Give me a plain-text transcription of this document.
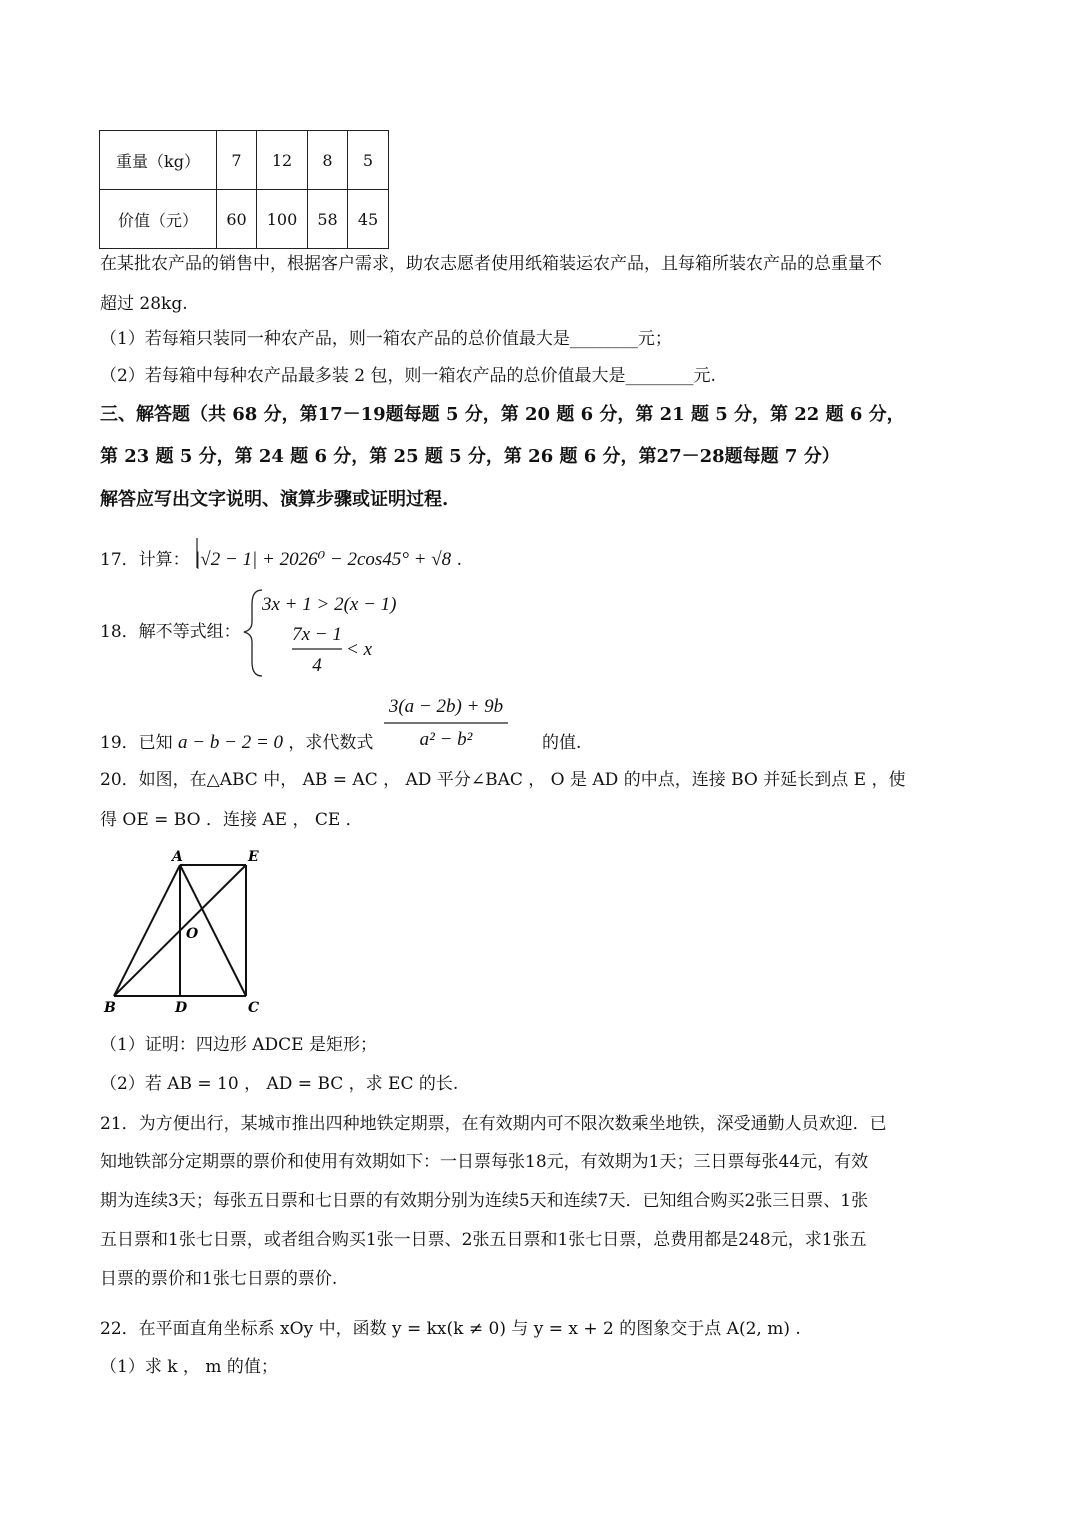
重量（kg）	7	12	8	5
价值（元）	60	100	58	45
在某批农产品的销售中，根据客户需求，助农志愿者使用纸箱装运农产品，且每箱所装农产品的总重量不
超过 28kg.
（1）若每箱只装同一种农产品，则一箱农产品的总价值最大是________元；
（2）若每箱中每种农产品最多装 2 包，则一箱农产品的总价值最大是________元.
三、解答题（共 68 分，第17－19题每题 5 分，第 20 题 6 分，第 21 题 5 分，第 22 题 6 分，
第 23 题 5 分，第 24 题 6 分，第 25 题 5 分，第 26 题 6 分，第27－28题每题 7 分）
解答应写出文字说明、演算步骤或证明过程.
17．计算： |√2 − 1| + 2026⁰ − 2cos45° + √8 .
18．解不等式组：
3x + 1 > 2(x − 1)
7x − 1
4
< x
19．已知 a − b − 2 = 0 ，求代数式
3(a − 2b) + 9b
a² − b²	的值.
20．如图，在△ABC 中， AB = AC ， AD 平分∠BAC ， O 是 AD 的中点，连接 BO 并延长到点 E ，使
得 OE = BO ．连接 AE ， CE ．
A	E
O
B	D	C
（1）证明：四边形 ADCE 是矩形；
（2）若 AB = 10 ， AD = BC ，求 EC 的长.
21．为方便出行，某城市推出四种地铁定期票，在有效期内可不限次数乘坐地铁，深受通勤人员欢迎．已
知地铁部分定期票的票价和使用有效期如下：一日票每张18元，有效期为1天；三日票每张44元，有效
期为连续3天；每张五日票和七日票的有效期分别为连续5天和连续7天．已知组合购买2张三日票、1张
五日票和1张七日票，或者组合购买1张一日票、2张五日票和1张七日票，总费用都是248元，求1张五
日票的票价和1张七日票的票价.
22．在平面直角坐标系 xOy 中，函数 y = kx(k ≠ 0) 与 y = x + 2 的图象交于点 A(2, m) .
（1）求 k ， m 的值；
